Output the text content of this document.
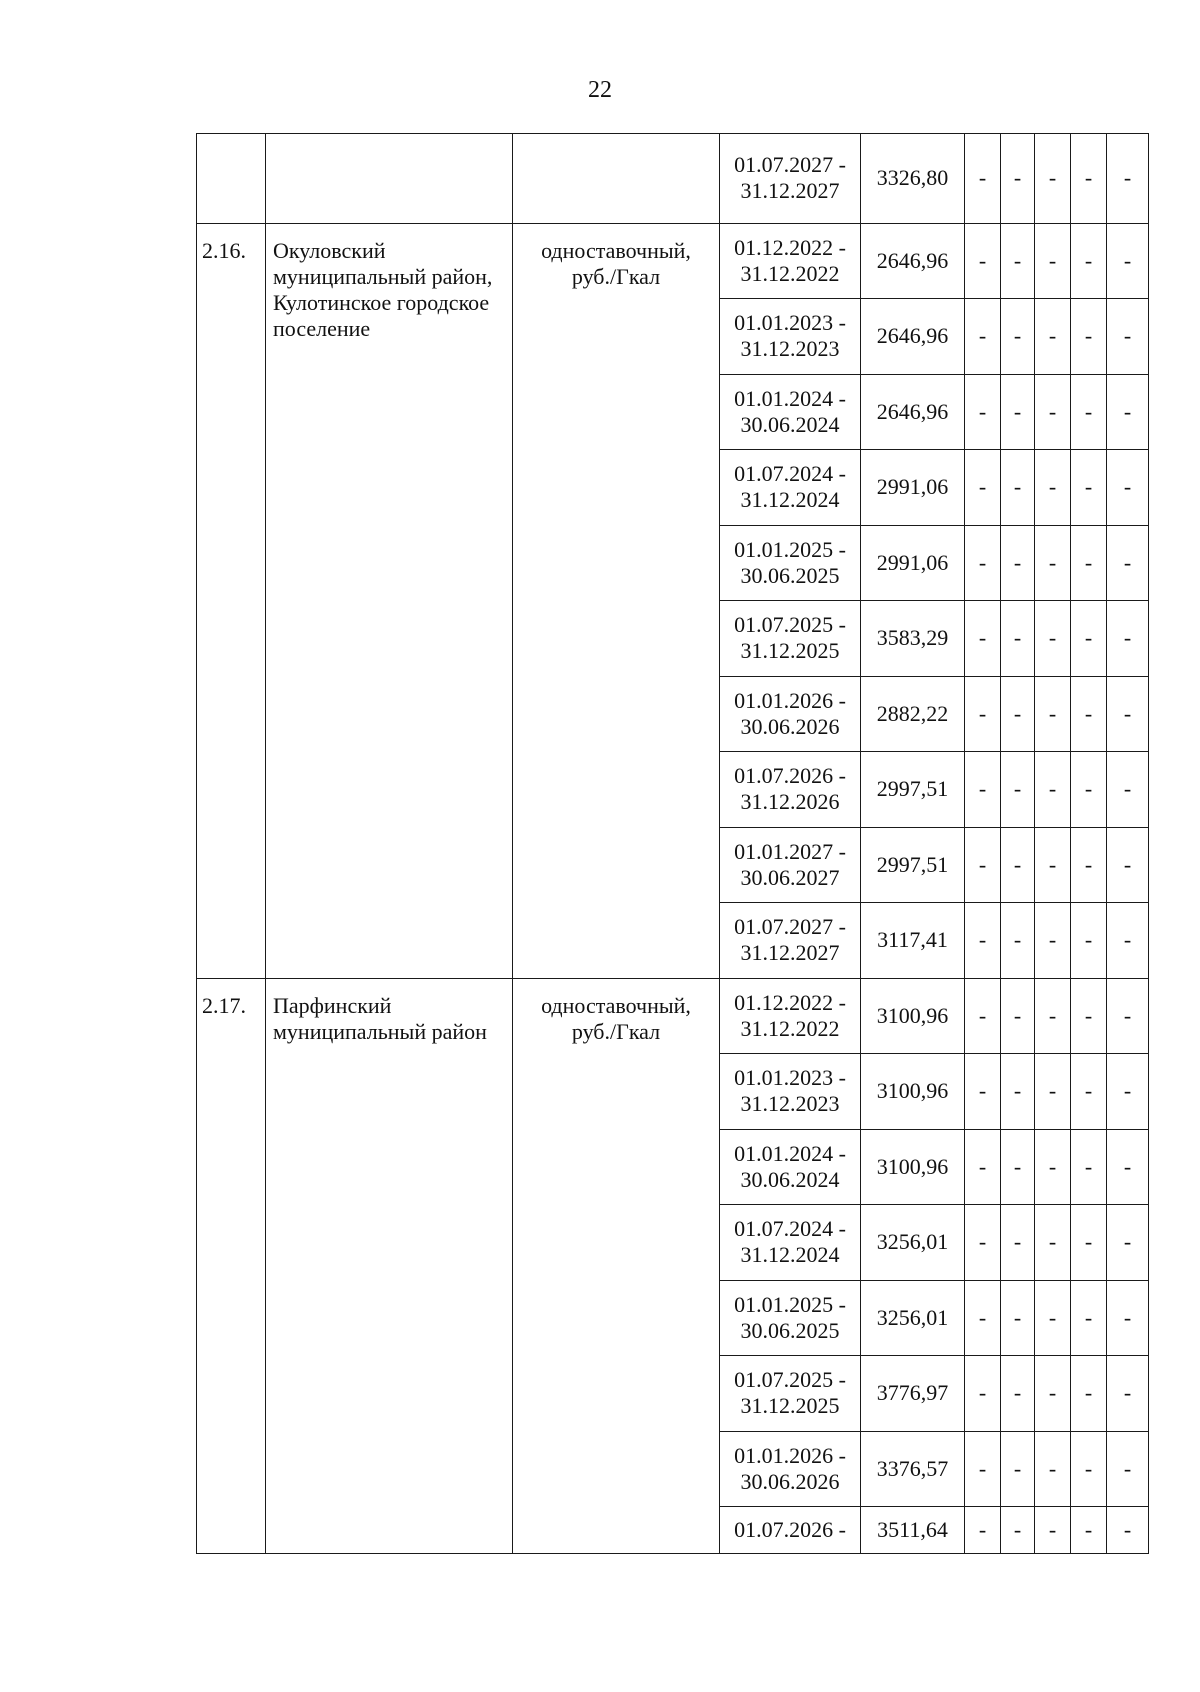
22

			01.07.2027 -
31.12.2027	3326,80	-	-	-	-	-
2.16.	Окуловский муниципальный район, Кулотинское городское поселение	одноставочный, руб./Гкал	01.12.2022 -
31.12.2022	2646,96	-	-	-	-	-

			01.01.2023 -
31.12.2023	2646,96	-	-	-	-	-

			01.01.2024 -
30.06.2024	2646,96	-	-	-	-	-

			01.07.2024 -
31.12.2024	2991,06	-	-	-	-	-

			01.01.2025 -
30.06.2025	2991,06	-	-	-	-	-

			01.07.2025 -
31.12.2025	3583,29	-	-	-	-	-

			01.01.2026 -
30.06.2026	2882,22	-	-	-	-	-

			01.07.2026 -
31.12.2026	2997,51	-	-	-	-	-

			01.01.2027 -
30.06.2027	2997,51	-	-	-	-	-

			01.07.2027 -
31.12.2027	3117,41	-	-	-	-	-
2.17.	Парфинский муниципальный район	одноставочный, руб./Гкал	01.12.2022 -
31.12.2022	3100,96	-	-	-	-	-

			01.01.2023 -
31.12.2023	3100,96	-	-	-	-	-

			01.01.2024 -
30.06.2024	3100,96	-	-	-	-	-

			01.07.2024 -
31.12.2024	3256,01	-	-	-	-	-

			01.01.2025 -
30.06.2025	3256,01	-	-	-	-	-

			01.07.2025 -
31.12.2025	3776,97	-	-	-	-	-

			01.01.2026 -
30.06.2026	3376,57	-	-	-	-	-

			01.07.2026 -	3511,64	-	-	-	-	-
